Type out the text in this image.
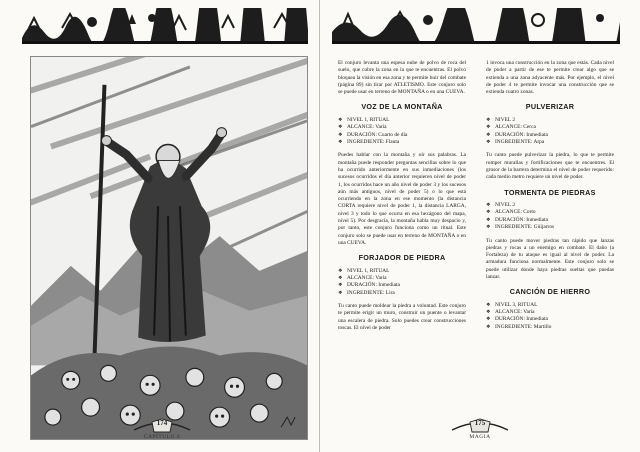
174
CAPÍTULO 6

El conjuro levanta una espesa nube de polvo de roca del suelo, que cubre la zona en la que te encuentras. El polvo bloquea la visión en esa zona y te permite huir del combate (página 89) sin tirar por ATLETISMO. Este conjuro solo se puede usar en terreno de MONTAÑA o en una CUEVA.

VOZ DE LA MONTAÑA
❖ NIVEL 1, RITUAL
❖ ALCANCE: Varía
❖ DURACIÓN: Cuarto de día
❖ INGREDIENTE: Flauta

Puedes hablar con la montaña y oír sus palabras. La montaña puede responder preguntas sencillas sobre lo que ha ocurrido anteriormente en sus inmediaciones (los sucesos ocurridos el día anterior requieren nivel de poder 1, los ocurridos hace un año nivel de poder 3 y los sucesos aún más antiguos, nivel de poder 5) o lo que está ocurriendo en la zona en ese momento (la distancia CORTA requiere nivel de poder 1, la distancia LARGA, nivel 3 y todo lo que ocurra en esa hexágono del mapa, nivel 5). Por desgracia, la montaña habla muy despacio y, por tanto, este conjuro funciona como un ritual. Este conjuro solo se puede usar en terreno de MONTAÑA o en una CUEVA.

FORJADOR DE PIEDRA
❖ NIVEL 1, RITUAL
❖ ALCANCE: Varía
❖ DURACIÓN: Inmediata
❖ INGREDIENTE: Lira

Tu canto puede moldear la piedra a voluntad. Este conjuro te permite erigir un muro, construir un puente o levantar una escalera de piedra. Solo puedes crear construcciones toscas. El nivel de poder

1 invoca una construcción en la zona que estás. Cada nivel de poder a partir de ese te permite crear algo que se extienda a una zona adyacente más. Por ejemplo, el nivel de poder 4 te permite invocar una construcción que se extienda cuatro zonas.

PULVERIZAR
❖ NIVEL 2
❖ ALCANCE: Cerca
❖ DURACIÓN: Inmediata
❖ INGREDIENTE: Arpa

Tu canto puede pulverizar la piedra, lo que te permite romper murallas y fortificaciones que te encuentres. El grosor de la barrera determina el nivel de poder requerido: cada medio metro requiere un nivel de poder.

TORMENTA DE PIEDRAS
❖ NIVEL 2
❖ ALCANCE: Corto
❖ DURACIÓN: Inmediata
❖ INGREDIENTE: Güijarros

Tu canto puede mover piedras tan rápido que lanzas piedras y rocas a un enemigo en combate. El daño (a Fortaleza) de tu ataque es igual al nivel de poder. La armadura funciona normalmente. Este conjuro solo se puede utilizar donde haya piedras sueltas que puedas lanzar.

CANCIÓN DE HIERRO
❖ NIVEL 3, RITUAL
❖ ALCANCE: Varía
❖ DURACIÓN: Inmediata
❖ INGREDIENTE: Martillo
175
MAGIA
